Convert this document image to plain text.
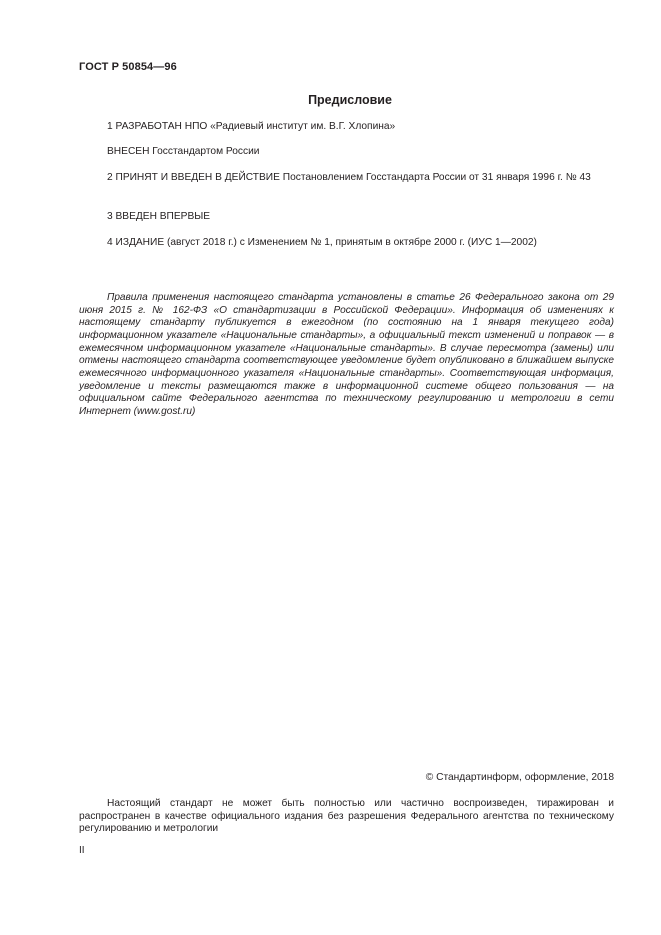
ГОСТ Р 50854—96
Предисловие
1 РАЗРАБОТАН НПО «Радиевый институт им. В.Г. Хлопина»
ВНЕСЕН Госстандартом России
2 ПРИНЯТ И ВВЕДЕН В ДЕЙСТВИЕ Постановлением Госстандарта России от 31 января 1996 г. № 43
3 ВВЕДЕН ВПЕРВЫЕ
4 ИЗДАНИЕ (август 2018 г.) с Изменением № 1, принятым в октябре 2000 г. (ИУС 1—2002)
Правила применения настоящего стандарта установлены в статье 26 Федерального закона от 29 июня 2015 г. № 162-ФЗ «О стандартизации в Российской Федерации». Информация об изменениях к настоящему стандарту публикуется в ежегодном (по состоянию на 1 января текущего года) информационном указателе «Национальные стандарты», а официальный текст изменений и поправок — в ежемесячном информационном указателе «Национальные стандарты». В случае пересмотра (замены) или отмены настоящего стандарта соответствующее уведомление будет опубликовано в ближайшем выпуске ежемесячного информационного указателя «Национальные стандарты». Соответствующая информация, уведомление и тексты размещаются также в информационной системе общего пользования — на официальном сайте Федерального агентства по техническому регулированию и метрологии в сети Интернет (www.gost.ru)
© Стандартинформ, оформление, 2018
Настоящий стандарт не может быть полностью или частично воспроизведен, тиражирован и распространен в качестве официального издания без разрешения Федерального агентства по техническому регулированию и метрологии
II
